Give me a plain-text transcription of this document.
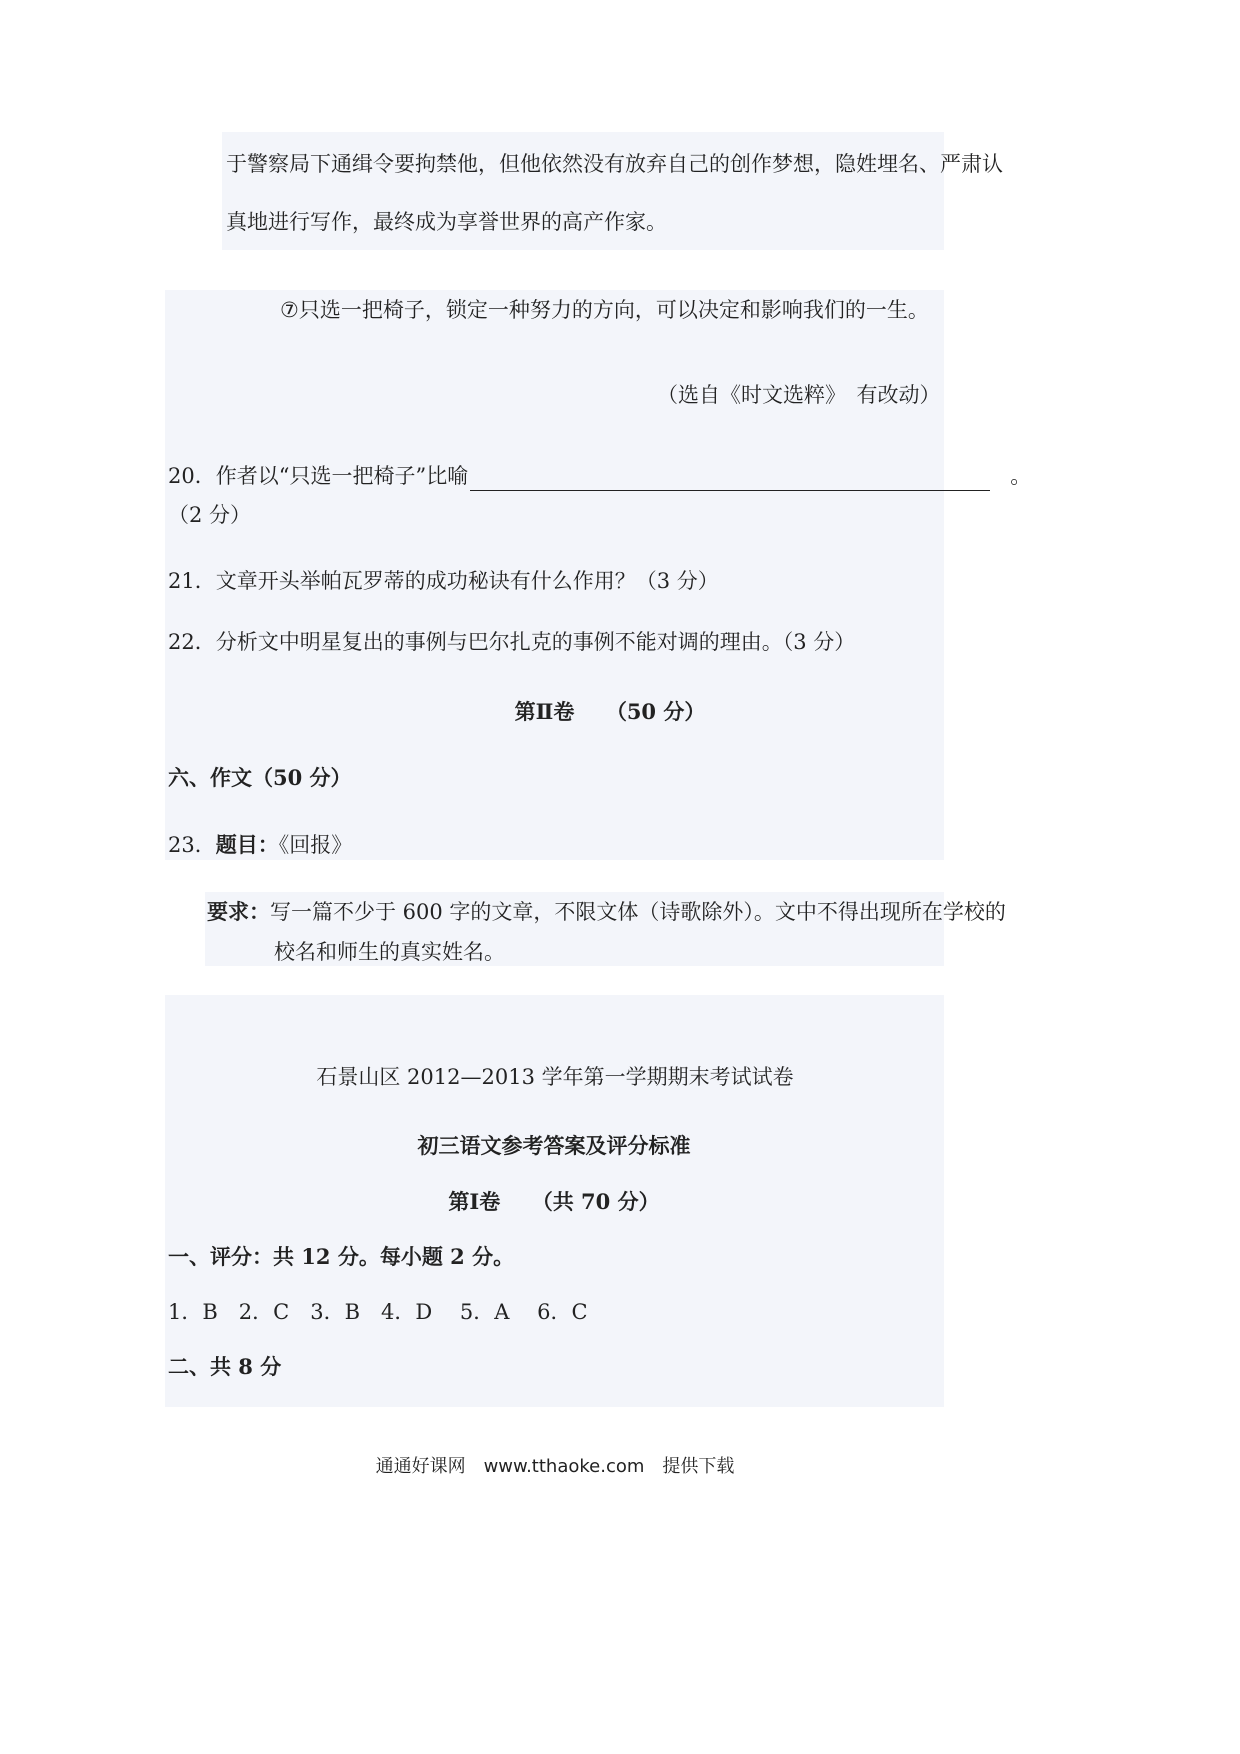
于警察局下通缉令要拘禁他，但他依然没有放弃自己的创作梦想，隐姓埋名、严肃认
真地进行写作，最终成为享誉世界的高产作家。
⑦只选一把椅子，锁定一种努力的方向，可以决定和影响我们的一生。
（选自《时文选粹》　有改动）
20．作者以“只选一把椅子”比喻	。
（2 分）
21．文章开头举帕瓦罗蒂的成功秘诀有什么作用？（3 分）
22．分析文中明星复出的事例与巴尔扎克的事例不能对调的理由。（3 分）
第Ⅱ卷　　（50 分）
六、作文（50 分）
23．题目：《回报》
要求：写一篇不少于 600 字的文章，不限文体（诗歌除外）。文中不得出现所在学校的
校名和师生的真实姓名。
石景山区 2012—2013 学年第一学期期末考试试卷
初三语文参考答案及评分标准
第Ⅰ卷　　（共 70 分）
一、评分：共 12 分。每小题 2 分。
1．B　2．C　3．B　4．D　 5．A　 6．C
二、共 8 分
通通好课网　www.tthaoke.com　提供下载
